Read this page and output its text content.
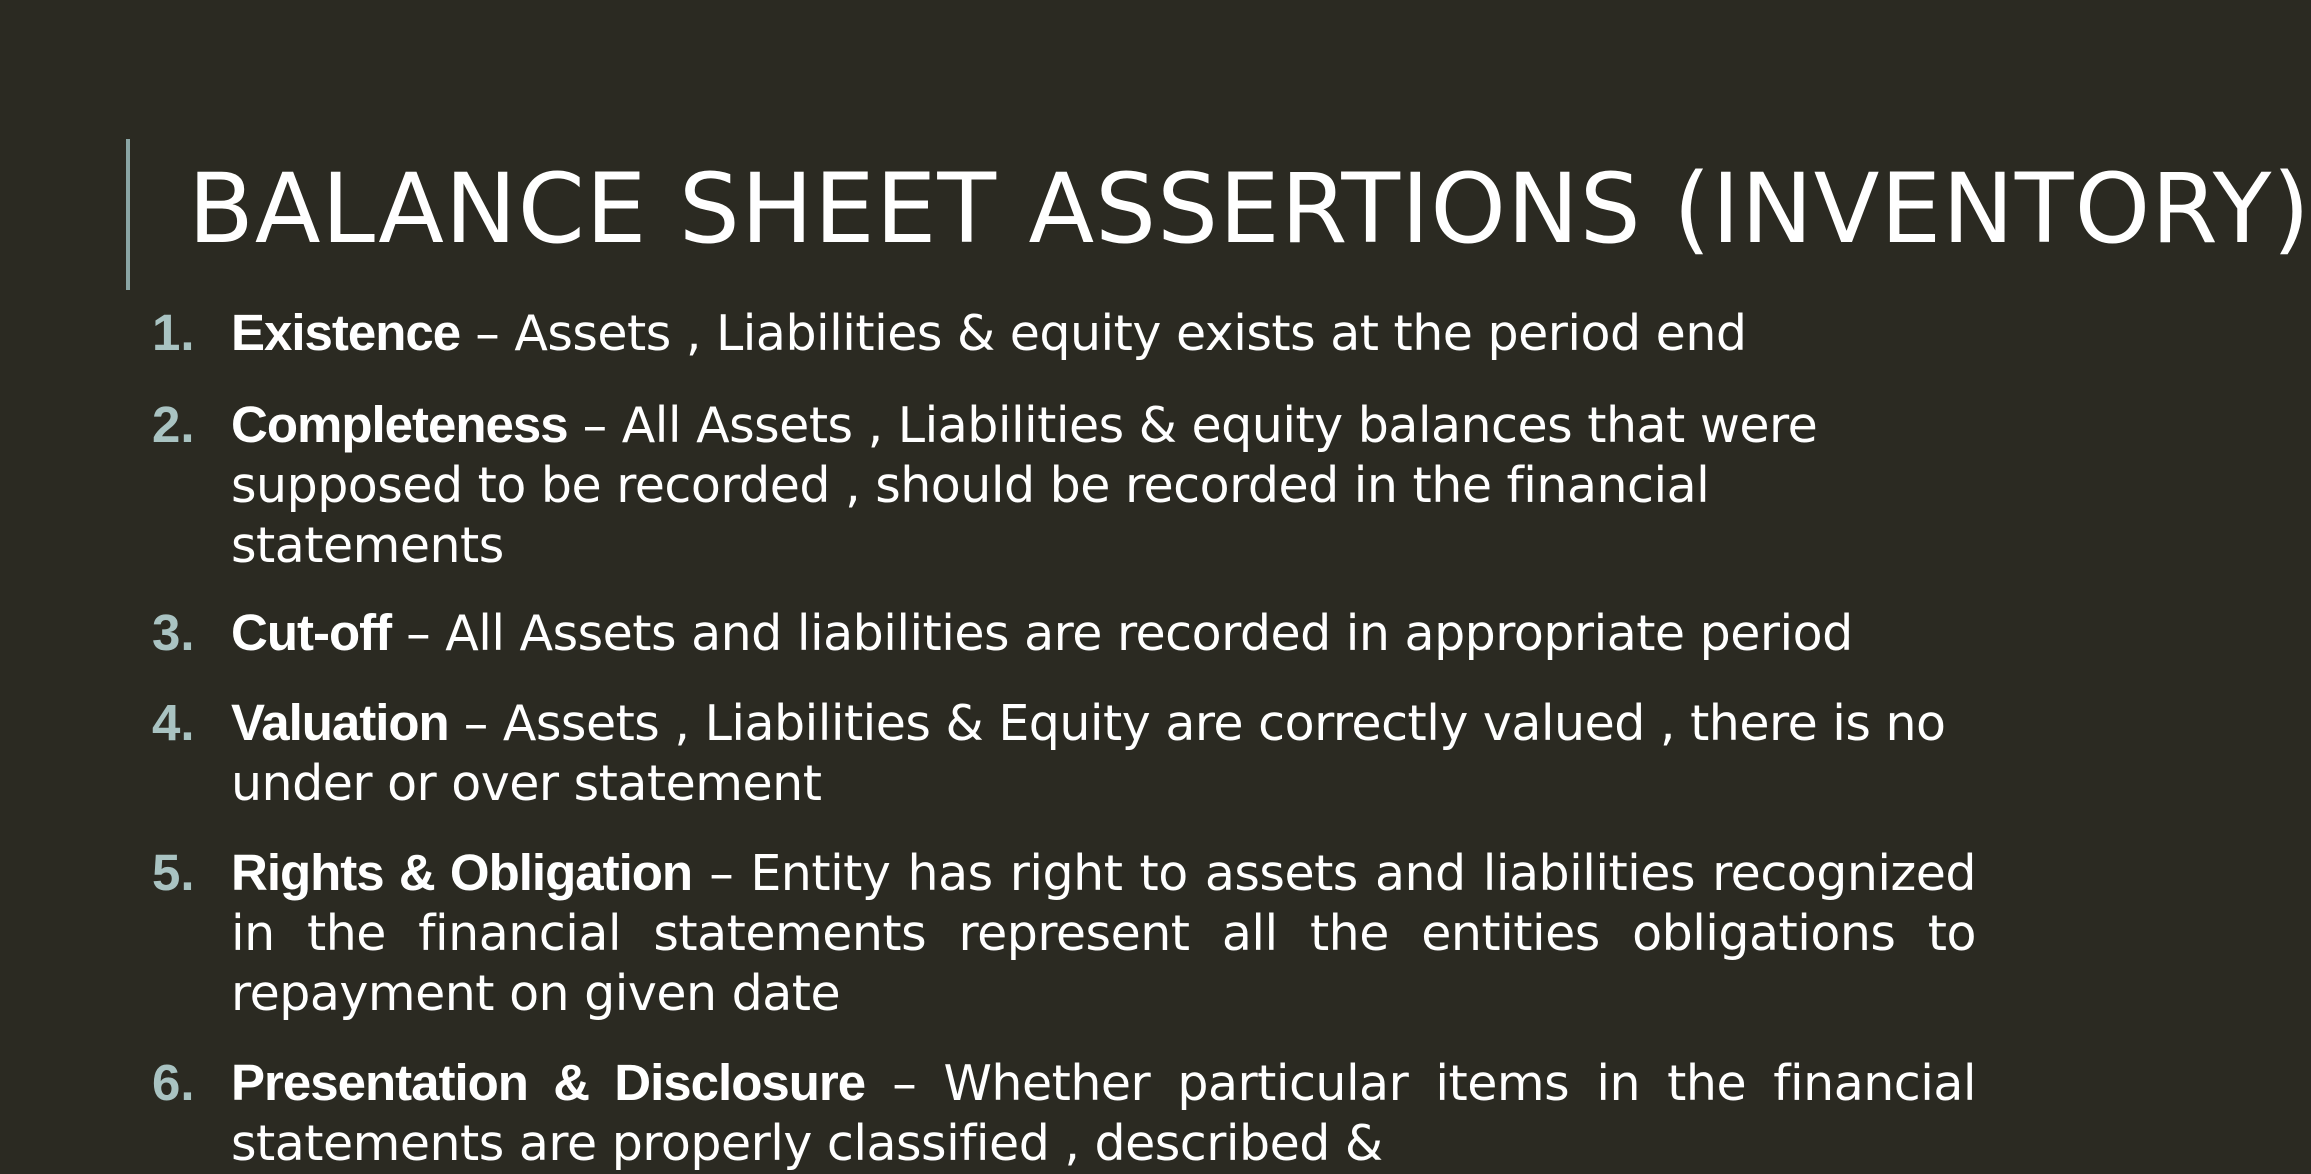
1. Existence – Assets , Liabilities & equity exists at the period end
2. Completeness – All Assets , Liabilities & equity balances that were supposed to be recorded , should be recorded in the financial statements
3. Cut-off – All Assets and liabilities are recorded in appropriate period
4. Valuation – Assets , Liabilities & Equity are correctly valued , there is no under or over statement
5. Rights & Obligation – Entity has right to assets and liabilities recognized in the financial statements represent all the entities obligations to repayment on given date
6. Presentation & Disclosure – Whether particular items in the financial statements are properly classified , described &
BALANCE SHEET ASSERTIONS (INVENTORY)
